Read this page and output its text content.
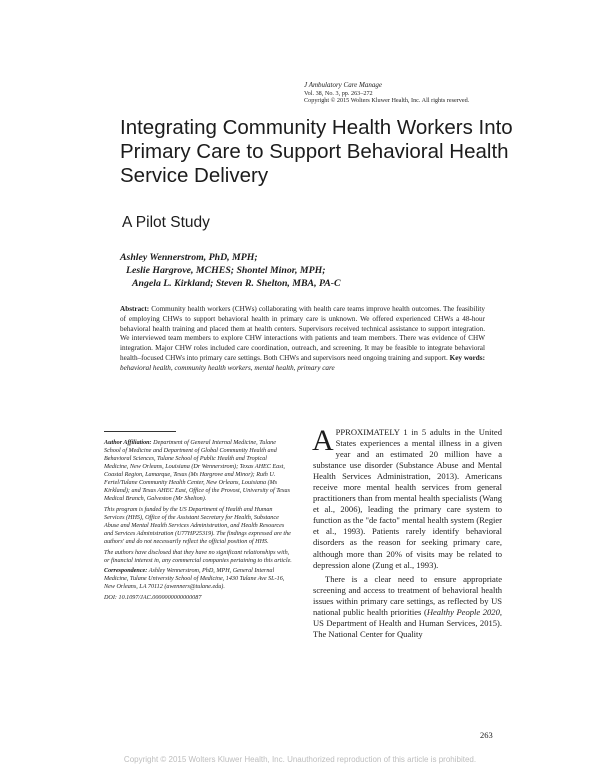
J Ambulatory Care Manage
Vol. 38, No. 3, pp. 263–272
Copyright © 2015 Wolters Kluwer Health, Inc. All rights reserved.
Integrating Community Health Workers Into Primary Care to Support Behavioral Health Service Delivery
A Pilot Study
Ashley Wennerstrom, PhD, MPH;
Leslie Hargrove, MCHES; Shontel Minor, MPH;
Angela L. Kirkland; Steven R. Shelton, MBA, PA-C
Abstract: Community health workers (CHWs) collaborating with health care teams improve health outcomes. The feasibility of employing CHWs to support behavioral health in primary care is unknown. We offered experienced CHWs a 48-hour behavioral health training and placed them at health centers. Supervisors received technical assistance to support integration. We interviewed team members to explore CHW interactions with patients and team members. There was evidence of CHW integration. Major CHW roles included care coordination, outreach, and screening. It may be feasible to integrate behavioral health–focused CHWs into primary care settings. Both CHWs and supervisors need ongoing training and support. Key words: behavioral health, community health workers, mental health, primary care

Author Affiliation: Department of General Internal Medicine, Tulane School of Medicine and Department of Global Community Health and Behavioral Sciences, Tulane School of Public Health and Tropical Medicine, New Orleans, Louisiana (Dr Wennerstrom); Texas AHEC East, Coastal Region, Lamarque, Texas (Ms Hargrove and Minor); Ruth U. Fertel/Tulane Community Health Center, New Orleans, Louisiana (Ms Kirkland); and Texas AHEC East, Office of the Provost, University of Texas Medical Branch, Galveston (Mr Shelton).

This program is funded by the US Department of Health and Human Services (HHS), Office of the Assistant Secretary for Health, Substance Abuse and Mental Health Services Administration, and Health Resources and Services Administration (U77HP25319). The findings expressed are the authors' and do not necessarily reflect the official position of HHS.

The authors have disclosed that they have no significant relationships with, or financial interest in, any commercial companies pertaining to this article.

Correspondence: Ashley Wennerstrom, PhD, MPH, General Internal Medicine, Tulane University School of Medicine, 1430 Tulane Ave SL-16, New Orleans, LA 70112 (awenners@tulane.edu).

DOI: 10.1097/JAC.0000000000000087

APPROXIMATELY 1 in 5 adults in the United States experiences a mental illness in a given year and an estimated 20 million have a substance use disorder (Substance Abuse and Mental Health Services Administration, 2013). Americans receive more mental health services from general practitioners than from mental health specialists (Wang et al., 2006), leading the primary care system to function as the "de facto" mental health system (Regier et al., 1993). Patients rarely identify behavioral disorders as the reason for seeking primary care, although more than 20% of visits may be related to depression alone (Zung et al., 1993).

There is a clear need to ensure appropriate screening and access to treatment of behavioral health issues within primary care settings, as reflected by US national public health priorities (Healthy People 2020, US Department of Health and Human Services, 2015). The National Center for Quality

263
Copyright © 2015 Wolters Kluwer Health, Inc. Unauthorized reproduction of this article is prohibited.
